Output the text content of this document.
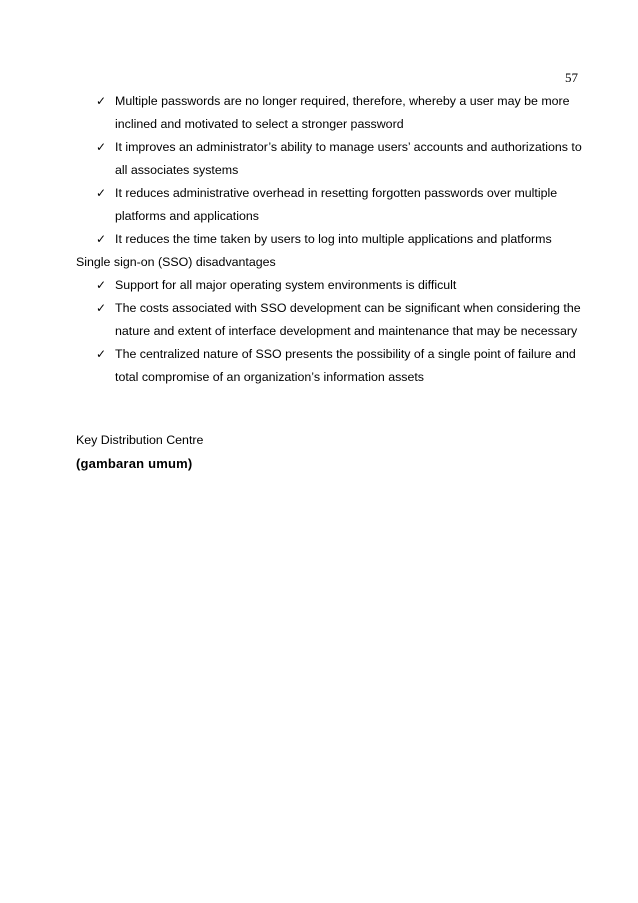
57
✓ Multiple passwords are no longer required, therefore, whereby a user may be more inclined and motivated to select a stronger password
✓ It improves an administrator’s ability to manage users’ accounts and authorizations to all associates systems
✓ It reduces administrative overhead in resetting forgotten passwords over multiple platforms and applications
✓ It reduces the time taken by users to log into multiple applications and platforms

Single sign-on (SSO) disadvantages

✓ Support for all major operating system environments is difficult
✓ The costs associated with SSO development can be significant when considering the nature and extent of interface development and maintenance that may be necessary
✓ The centralized nature of SSO presents the possibility of a single point of failure and total compromise of an organization’s information assets

Key Distribution Centre

(gambaran umum)
